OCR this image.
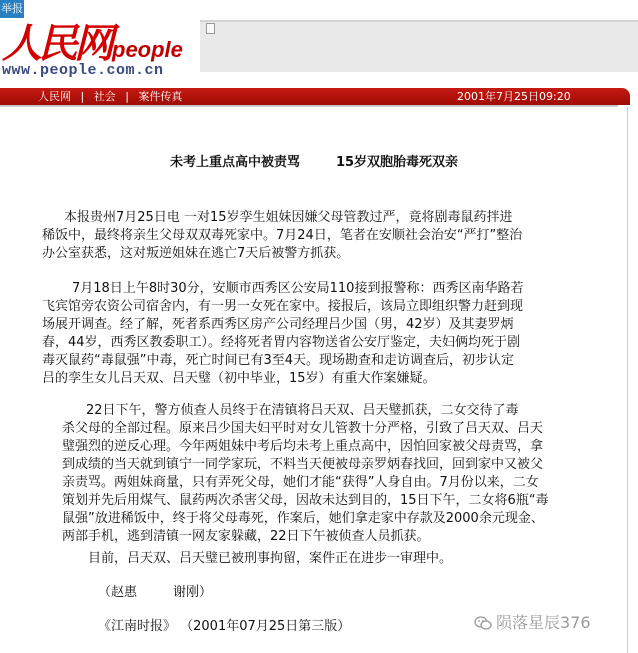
人民网people
www.people.com.cn
举报
人民网 | 社会 | 案件传真	2001年7月25日09:20
未考上重点高中被责骂	15岁双胞胎毒死双亲
本报贵州7月25日电 一对15岁孪生姐妹因嫌父母管教过严，竟将剧毒鼠药拌进
稀饭中，最终将亲生父母双双毒死家中。7月24日，笔者在安顺社会治安“严打”整治
办公室获悉，这对叛逆姐妹在逃亡7天后被警方抓获。
7月18日上午8时30分，安顺市西秀区公安局110接到报警称：西秀区南华路若
飞宾馆旁农资公司宿舍内，有一男一女死在家中。接报后，该局立即组织警力赶到现
场展开调查。经了解，死者系西秀区房产公司经理吕少国（男，42岁）及其妻罗炳
春，44岁，西秀区教委职工）。经将死者胃内容物送省公安厅鉴定，夫妇俩均死于剧
毒灭鼠药“毒鼠强”中毒，死亡时间已有3至4天。现场勘查和走访调查后，初步认定
吕的孪生女儿吕天双、吕天璧（初中毕业，15岁）有重大作案嫌疑。
22日下午，警方侦查人员终于在清镇将吕天双、吕天璧抓获，二女交待了毒
杀父母的全部过程。原来吕少国夫妇平时对女儿管教十分严格，引致了吕天双、吕天
璧强烈的逆反心理。今年两姐妹中考后均未考上重点高中，因怕回家被父母责骂，拿
到成绩的当天就到镇宁一同学家玩，不料当天便被母亲罗炳春找回，回到家中又被父
亲责骂。两姐妹商量，只有弄死父母，她们才能“获得”人身自由。7月份以来，二女
策划并先后用煤气、鼠药两次杀害父母，因故未达到目的，15日下午，二女将6瓶“毒
鼠强”放进稀饭中，终于将父母毒死，作案后，她们拿走家中存款及2000余元现金、
两部手机，逃到清镇一网友家躲藏，22日下午被侦查人员抓获。
目前，吕天双、吕天璧已被刑事拘留，案件正在进步一审理中。
（赵惠	谢刚）
《江南时报》 （2001年07月25日第三版）	陨落星辰376
